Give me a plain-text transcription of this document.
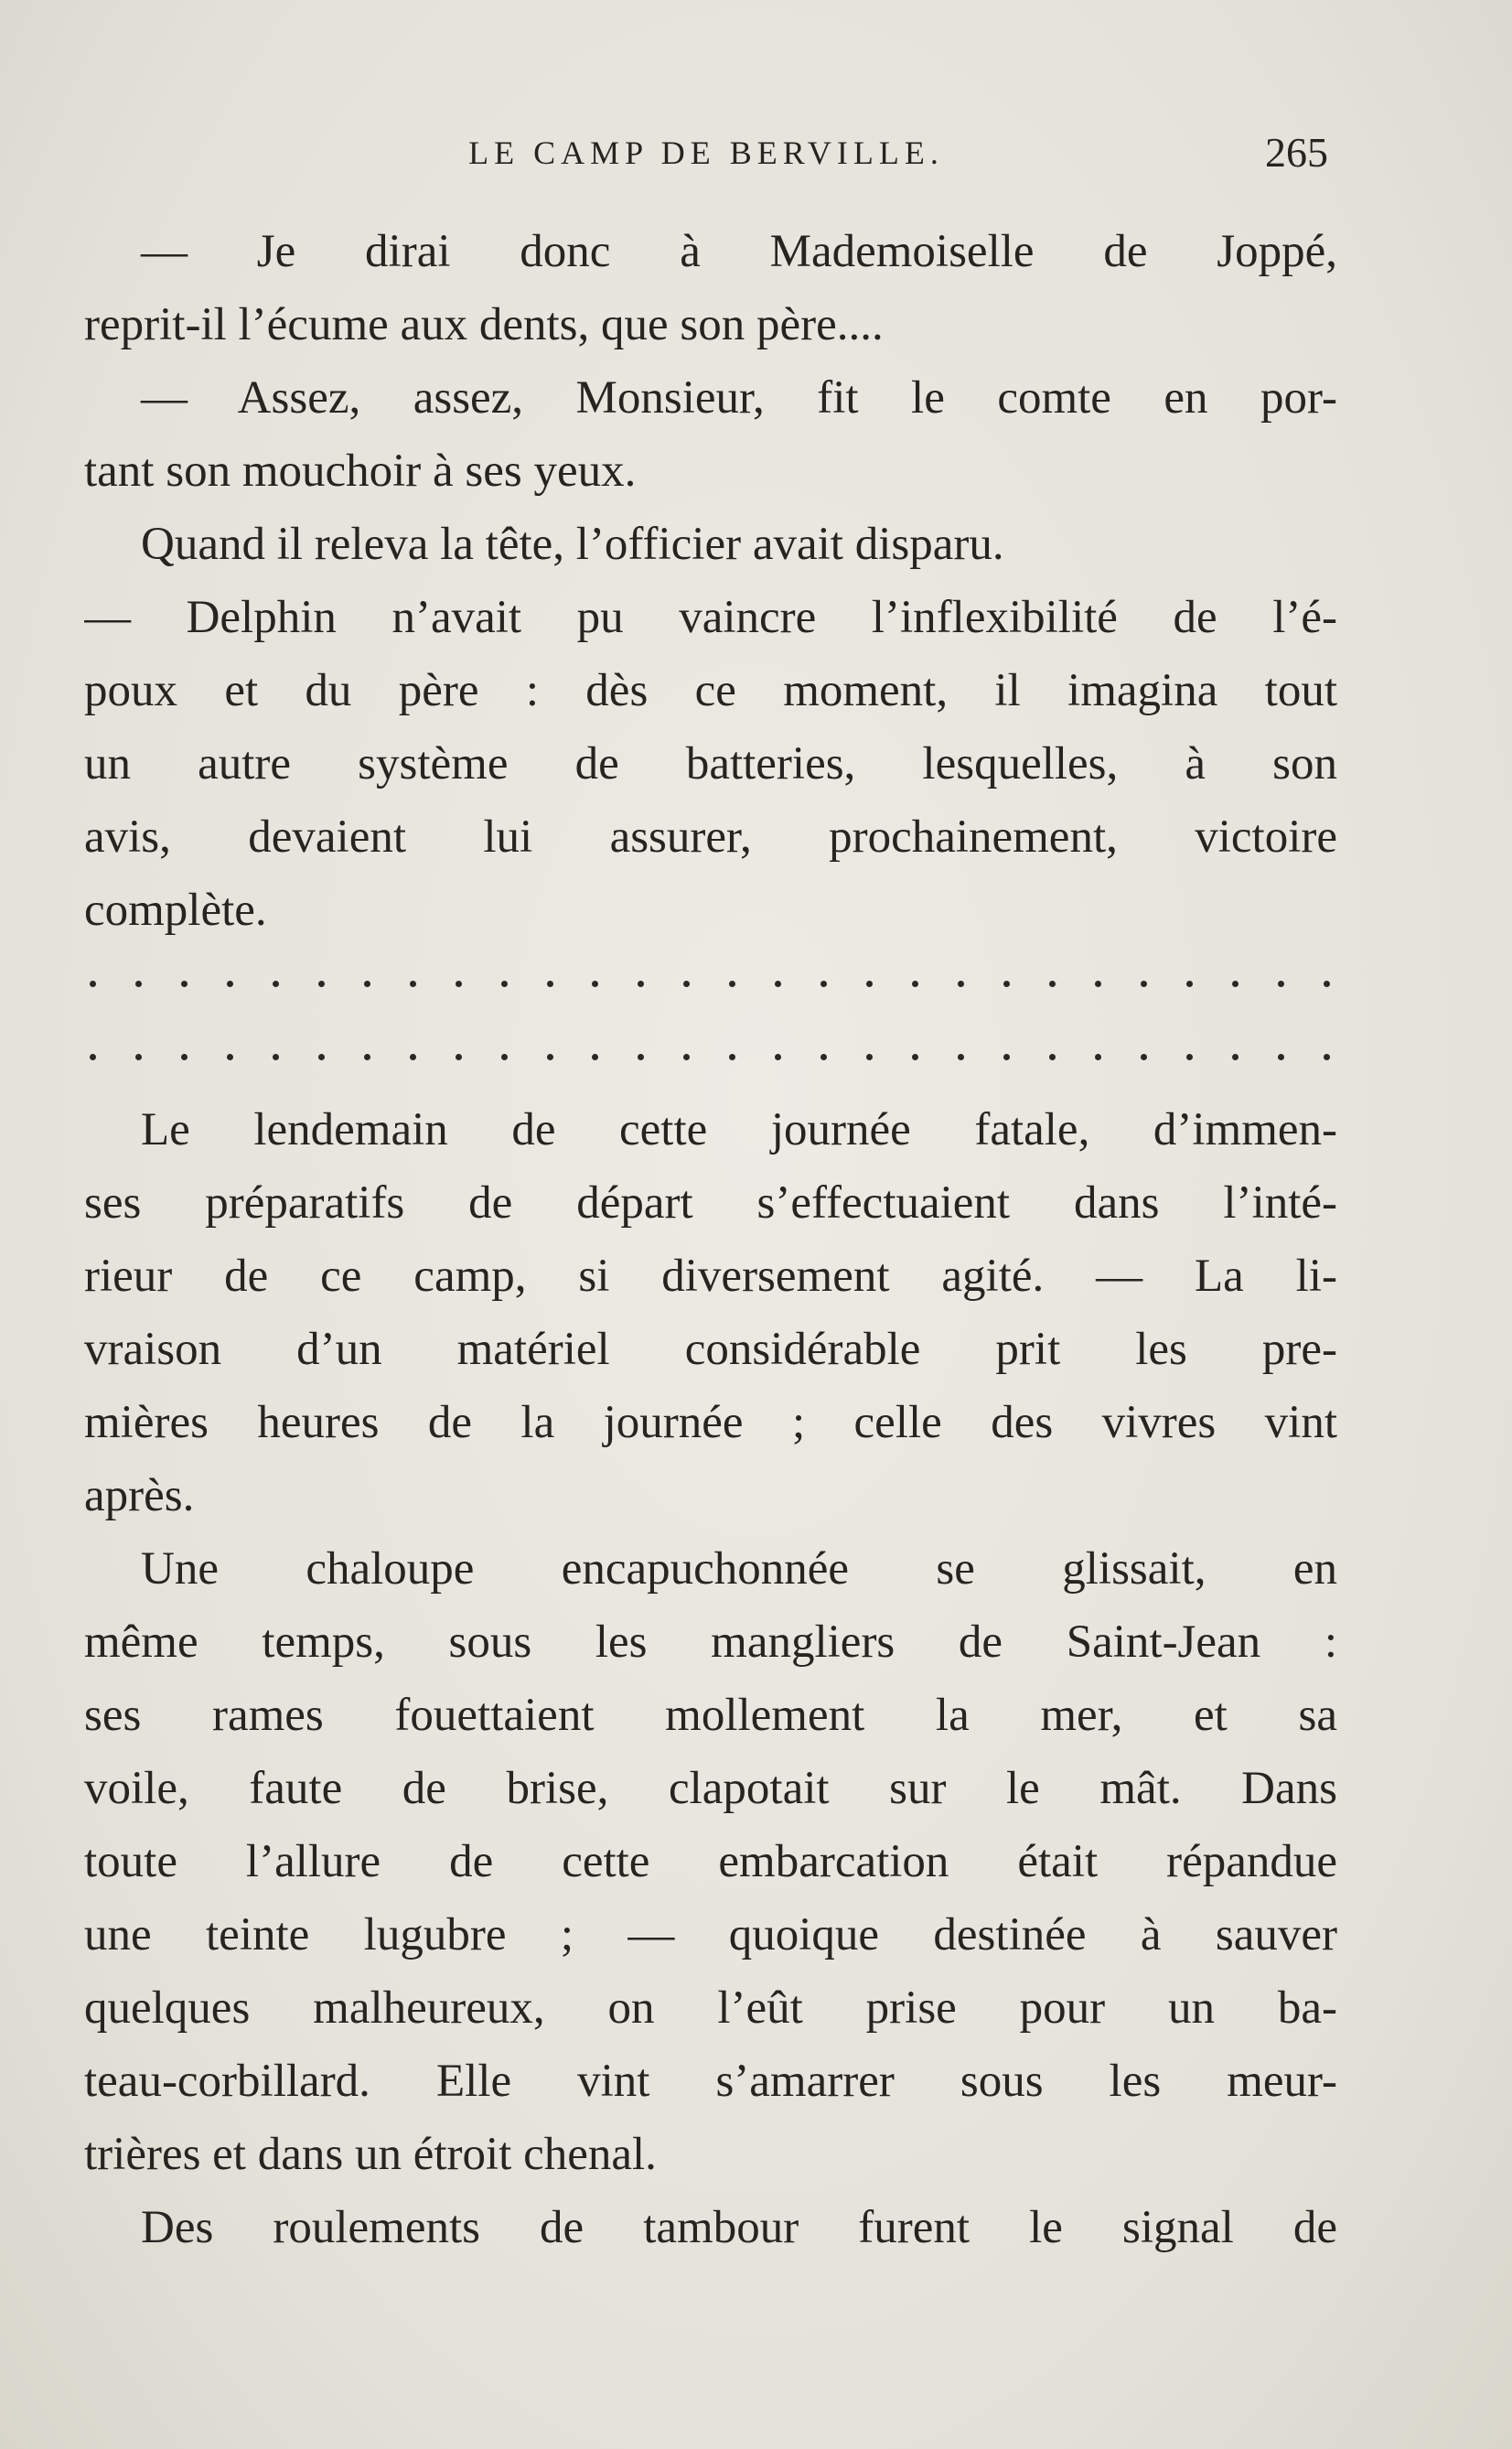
LE CAMP DE BERVILLE.	265
— Je dirai donc à Mademoiselle de Joppé,
reprit-il l’écume aux dents, que son père....
— Assez, assez, Monsieur, fit le comte en por-
tant son mouchoir à ses yeux.
Quand il releva la tête, l’officier avait disparu.
— Delphin n’avait pu vaincre l’inflexibilité de l’é-
poux et du père : dès ce moment, il imagina tout
un autre système de batteries, lesquelles, à son
avis, devaient lui assurer, prochainement, victoire
complète.
Le lendemain de cette journée fatale, d’immen-
ses préparatifs de départ s’effectuaient dans l’inté-
rieur de ce camp, si diversement agité. — La li-
vraison d’un matériel considérable prit les pre-
mières heures de la journée ; celle des vivres vint
après.
Une chaloupe encapuchonnée se glissait, en
même temps, sous les mangliers de Saint-Jean :
ses rames fouettaient mollement la mer, et sa
voile, faute de brise, clapotait sur le mât. Dans
toute l’allure de cette embarcation était répandue
une teinte lugubre ; — quoique destinée à sauver
quelques malheureux, on l’eût prise pour un ba-
teau-corbillard. Elle vint s’amarrer sous les meur-
trières et dans un étroit chenal.
Des roulements de tambour furent le signal de
